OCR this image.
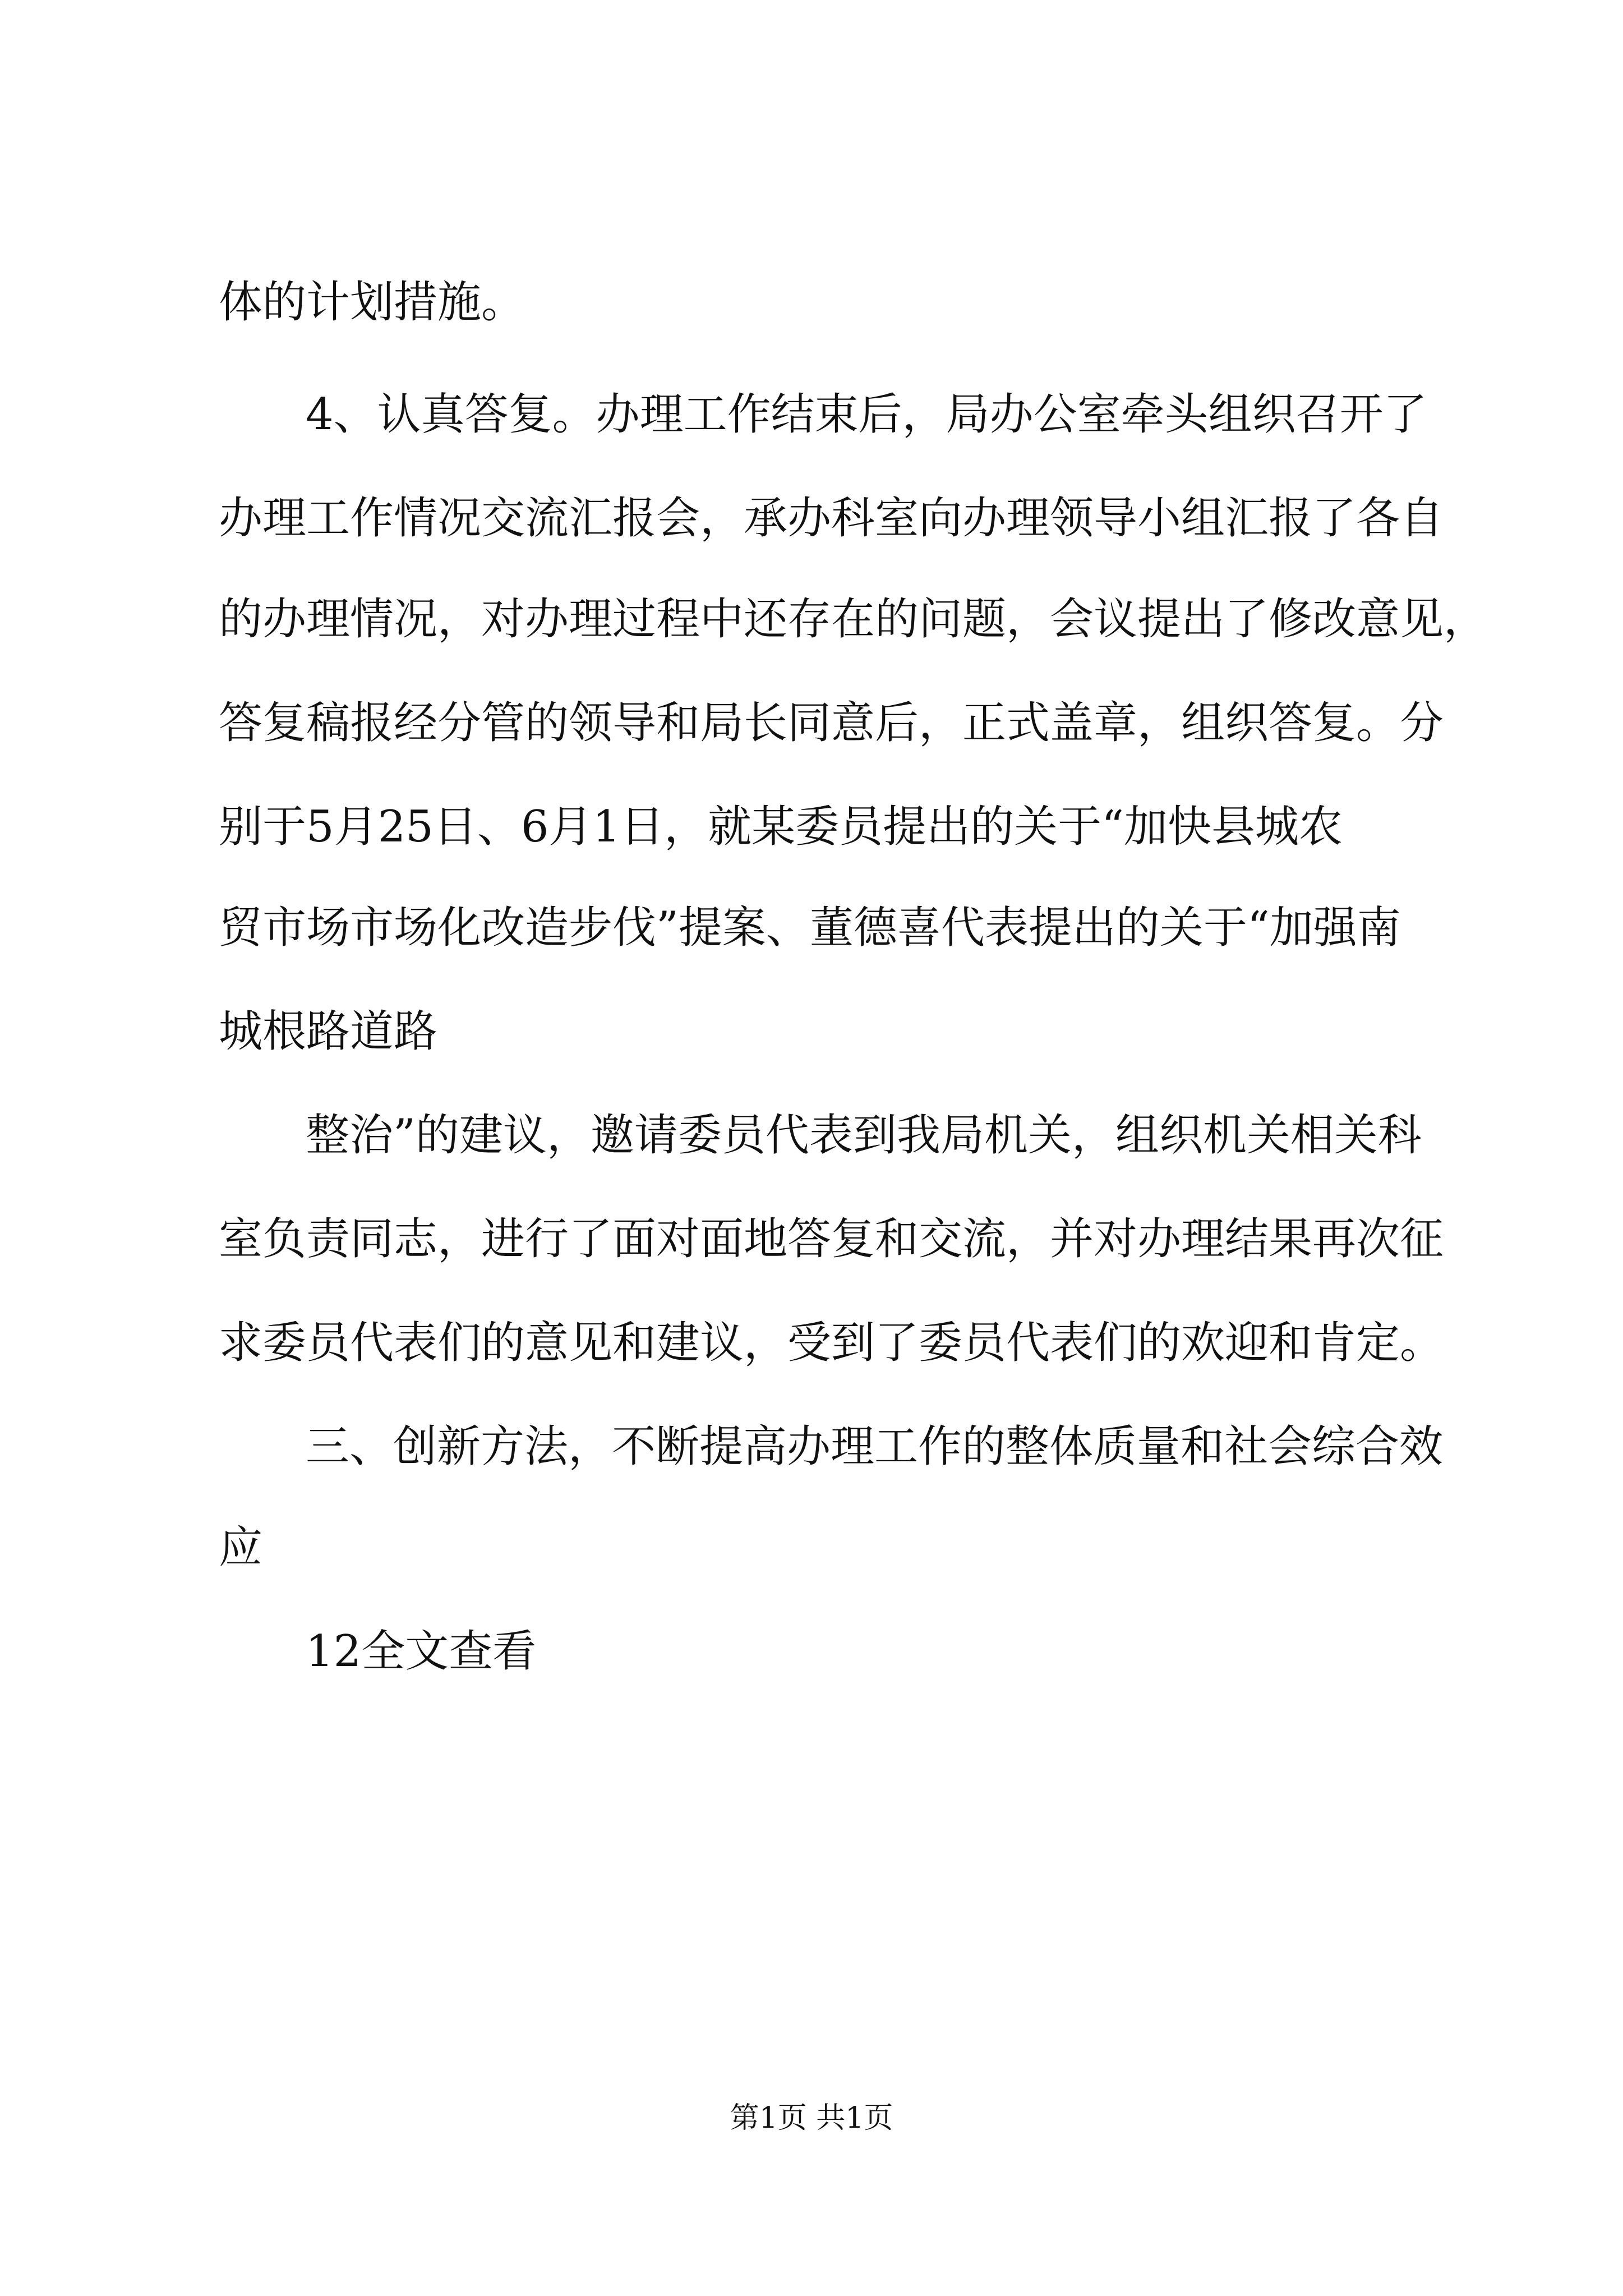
体的计划措施。
4、认真答复。办理工作结束后，局办公室牵头组织召开了
办理工作情况交流汇报会，承办科室向办理领导小组汇报了各自
的办理情况，对办理过程中还存在的问题，会议提出了修改意见，
答复稿报经分管的领导和局长同意后，正式盖章，组织答复。分
别于5月25日、6月1日，就某委员提出的关于“加快县城农
贸市场市场化改造步伐”提案、董德喜代表提出的关于“加强南
城根路道路
整治”的建议，邀请委员代表到我局机关，组织机关相关科
室负责同志，进行了面对面地答复和交流，并对办理结果再次征
求委员代表们的意见和建议，受到了委员代表们的欢迎和肯定。
三、创新方法，不断提高办理工作的整体质量和社会综合效
应
12全文查看
第1页 共1页
